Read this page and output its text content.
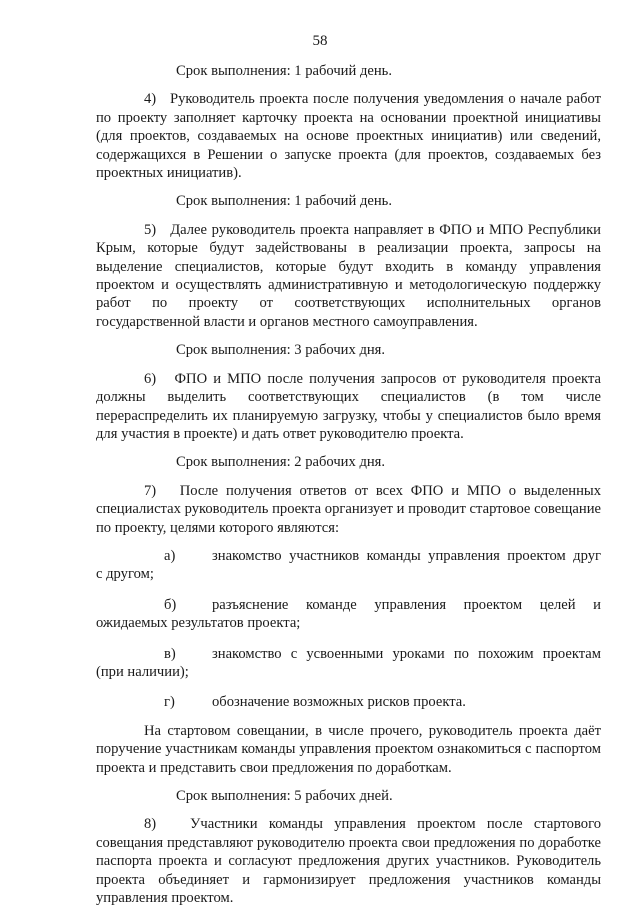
58

Срок выполнения: 1 рабочий день.

4)   Руководитель проекта после получения уведомления о начале работ по проекту заполняет карточку проекта на основании проектной инициативы (для проектов, создаваемых на основе проектных инициатив) или сведений, содержащихся в Решении о запуске проекта (для проектов, создаваемых без проектных инициатив).

Срок выполнения: 1 рабочий день.

5)   Далее руководитель проекта направляет в ФПО и МПО Республики Крым, которые будут задействованы в реализации проекта, запросы на выделение специалистов, которые будут входить в команду управления проектом и осуществлять административную и методологическую поддержку работ по проекту от соответствующих исполнительных органов государственной власти и органов местного самоуправления.

Срок выполнения: 3 рабочих дня.

6)   ФПО и МПО после получения запросов от руководителя проекта должны выделить соответствующих специалистов (в том числе перераспределить их планируемую загрузку, чтобы у специалистов было время для участия в проекте) и дать ответ руководителю проекта.

Срок выполнения: 2 рабочих дня.

7)   После получения ответов от всех ФПО и МПО о выделенных специалистах руководитель проекта организует и проводит стартовое совещание по проекту, целями которого являются:

а)	знакомство участников команды управления проектом друг

с другом;

б)	разъяснение команде управления проектом целей и

ожидаемых результатов проекта;

в)	знакомство с усвоенными уроками по похожим проектам

(при наличии);

г)	обозначение возможных рисков проекта.

На стартовом совещании, в числе прочего, руководитель проекта даёт поручение участникам команды управления проектом ознакомиться с паспортом проекта и представить свои предложения по доработкам.

Срок выполнения: 5 рабочих дней.

8)   Участники команды управления проектом после стартового совещания представляют руководителю проекта свои предложения по доработке паспорта проекта и согласуют предложения других участников. Руководитель проекта объединяет и гармонизирует предложения участников команды управления проектом.
